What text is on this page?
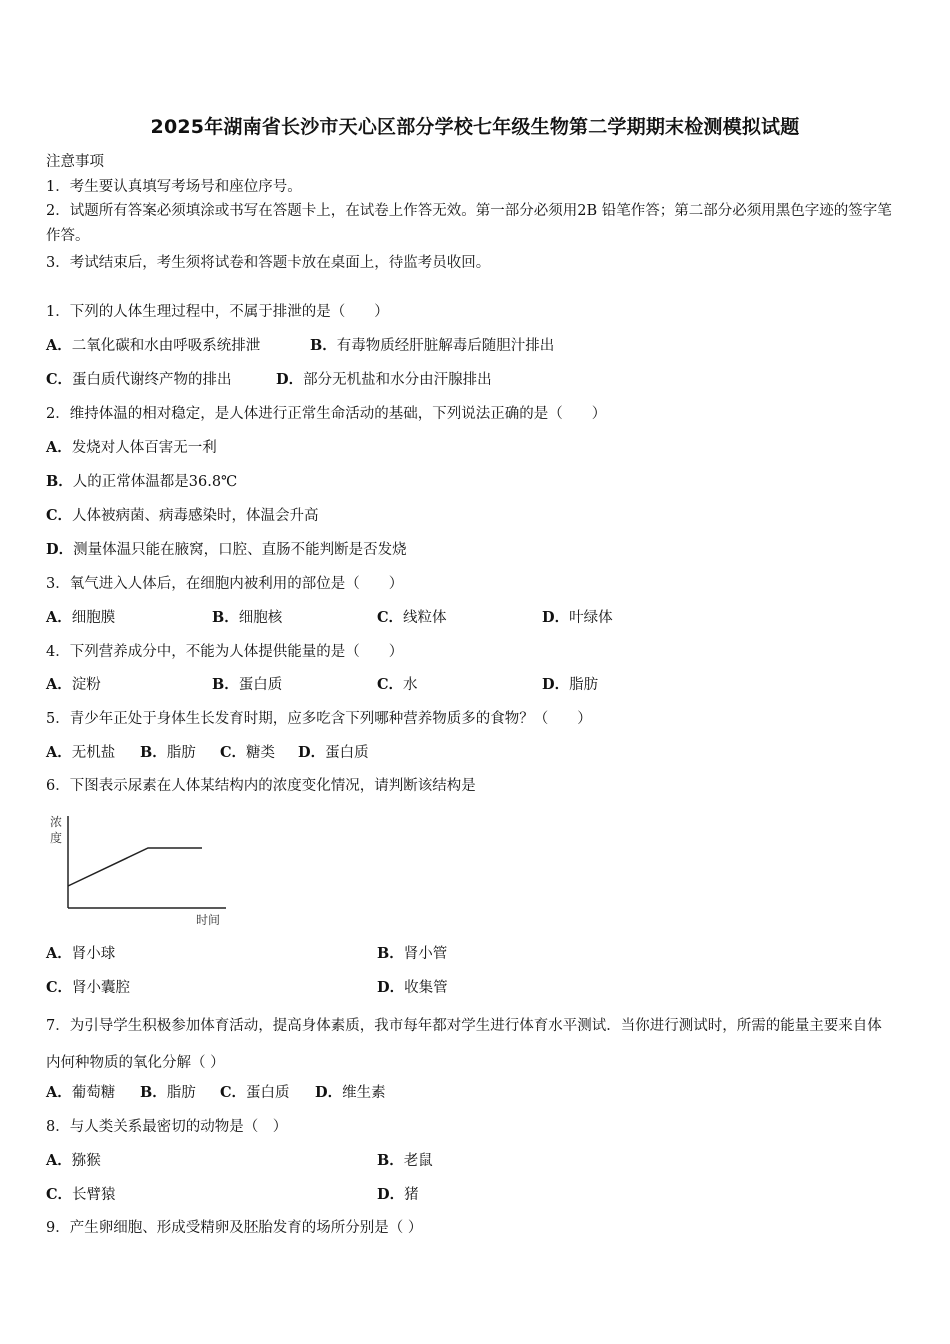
2025年湖南省长沙市天心区部分学校七年级生物第二学期期末检测模拟试题
注意事项
1．考生要认真填写考场号和座位序号。
2．试题所有答案必须填涂或书写在答题卡上，在试卷上作答无效。第一部分必须用2B 铅笔作答；第二部分必须用黑色字迹的签字笔作答。
3．考试结束后，考生须将试卷和答题卡放在桌面上，待监考员收回。
1．下列的人体生理过程中，不属于排泄的是（　　）
A．二氧化碳和水由呼吸系统排泄	B．有毒物质经肝脏解毒后随胆汁排出
C．蛋白质代谢终产物的排出	D．部分无机盐和水分由汗腺排出
2．维持体温的相对稳定，是人体进行正常生命活动的基础，下列说法正确的是（　　）
A．发烧对人体百害无一利
B．人的正常体温都是36.8℃
C．人体被病菌、病毒感染时，体温会升高
D．测量体温只能在腋窝，口腔、直肠不能判断是否发烧
3．氧气进入人体后，在细胞内被利用的部位是（　　）
A．细胞膜	B．细胞核	C．线粒体	D．叶绿体
4．下列营养成分中，不能为人体提供能量的是（　　）
A．淀粉	B．蛋白质	C．水	D．脂肪
5．青少年正处于身体生长发育时期，应多吃含下列哪种营养物质多的食物？（　　）
A．无机盐 B．脂肪 C．糖类 D．蛋白质
6．下图表示尿素在人体某结构内的浓度变化情况，请判断该结构是
浓
度
时间
A．肾小球	B．肾小管
C．肾小囊腔	D．收集管
7．为引导学生积极参加体育活动，提高身体素质，我市每年都对学生进行体育水平测试．当你进行测试时，所需的能量主要来自体内何种物质的氧化分解（ ）
A．葡萄糖 B．脂肪 C．蛋白质 D．维生素
8．与人类关系最密切的动物是（　）
A．猕猴	B．老鼠
C．长臂猿	D．猪
9．产生卵细胞、形成受精卵及胚胎发育的场所分别是（ ）
